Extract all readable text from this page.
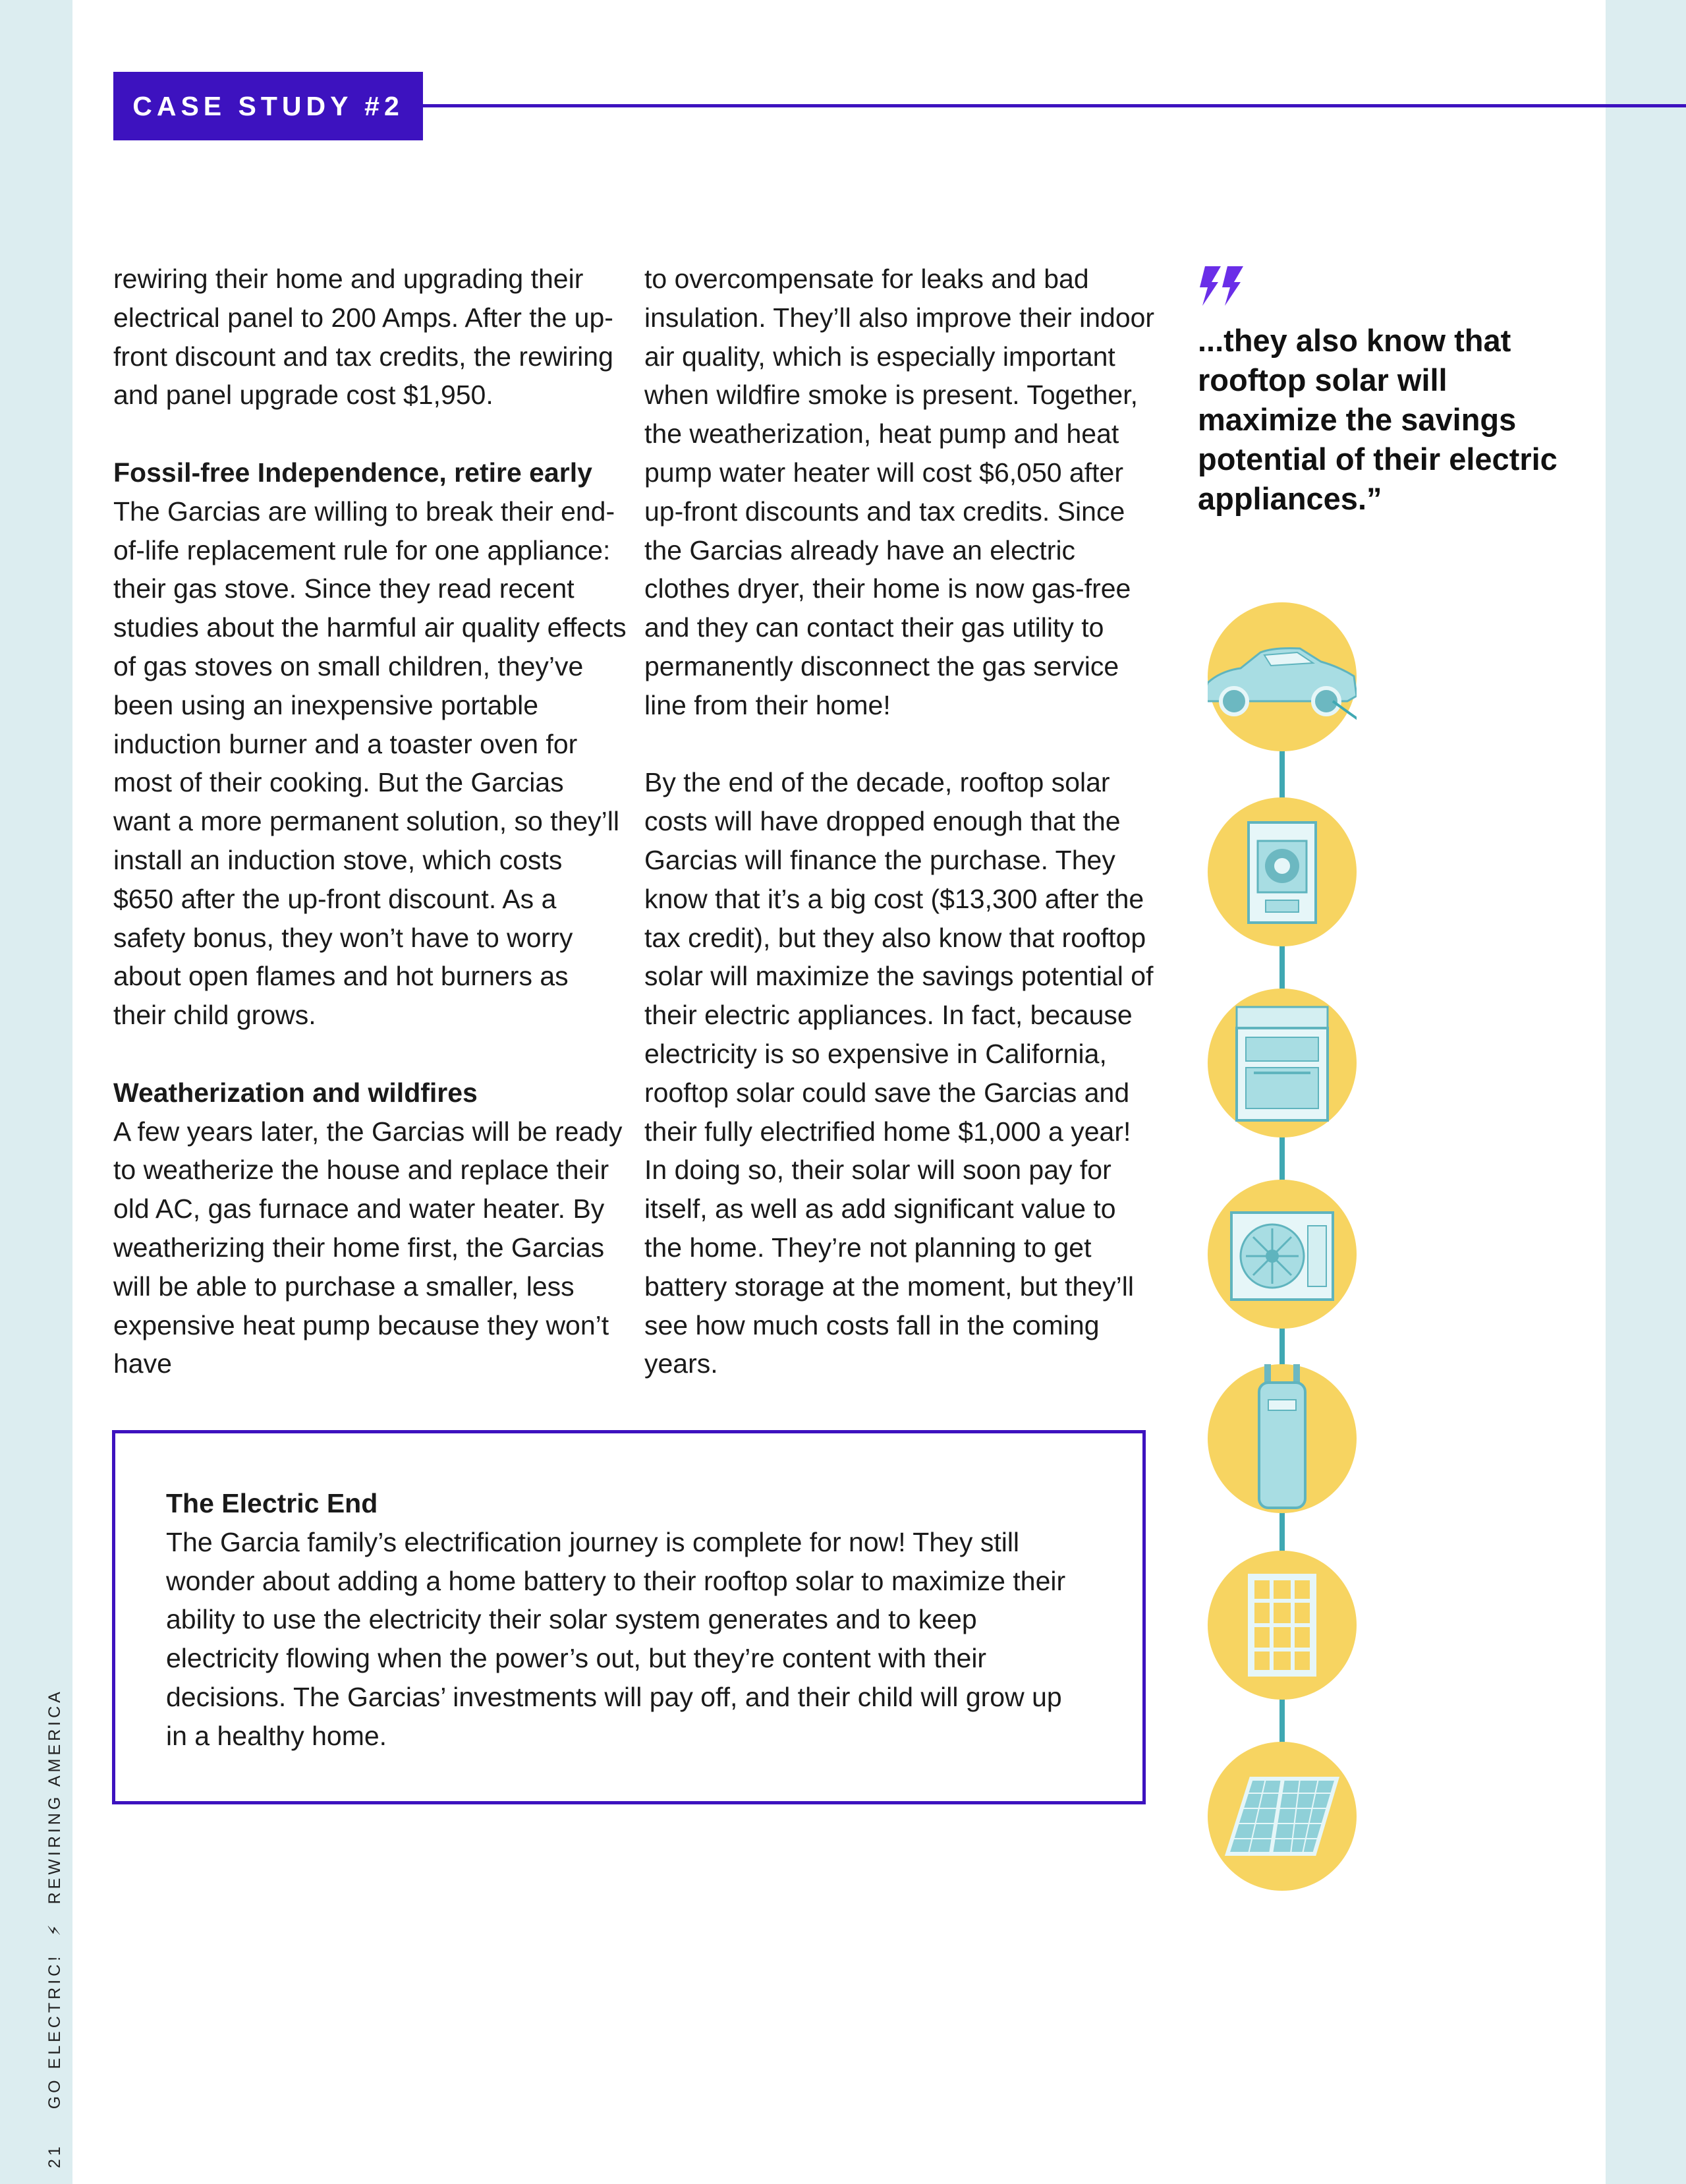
CASE STUDY #2

rewiring their home and upgrading their electrical panel to 200 Amps. After the up-front discount and tax credits, the rewiring and panel upgrade cost $1,950.

Fossil-free Independence, retire early

The Garcias are willing to break their end-of-life replacement rule for one appliance: their gas stove. Since they read recent studies about the harmful air quality effects of gas stoves on small children, they’ve been using an inexpensive portable induction burner and a toaster oven for most of their cooking. But the Garcias want a more permanent solution, so they’ll install an induction stove, which costs $650 after the up-front discount. As a safety bonus, they won’t have to worry about open flames and hot burners as their child grows.

Weatherization and wildfires

A few years later, the Garcias will be ready to weatherize the house and replace their old AC, gas furnace and water heater. By weatherizing their home first, the Garcias will be able to purchase a smaller, less expensive heat pump because they won’t have

to overcompensate for leaks and bad insulation. They’ll also improve their indoor air quality, which is especially important when wildfire smoke is present. Together, the weatherization, heat pump and heat pump water heater will cost $6,050 after up-front discounts and tax credits. Since the Garcias already have an electric clothes dryer, their home is now gas-free and they can contact their gas utility to permanently disconnect the gas service line from their home!

By the end of the decade, rooftop solar costs will have dropped enough that the Garcias will finance the purchase. They know that it’s a big cost ($13,300 after the tax credit), but they also know that rooftop solar will maximize the savings potential of their electric appliances. In fact, because electricity is so expensive in California, rooftop solar could save the Garcias and their fully electrified home $1,000 a year! In doing so, their solar will soon pay for itself, as well as add significant value to the home. They’re not planning to get battery storage at the moment, but they’ll see how much costs fall in the coming years.

...they also know that rooftop solar will maximize the savings potential of their electric appliances.”
The Electric End
The Garcia family’s electrification journey is complete for now! They still wonder about adding a home battery to their rooftop solar to maximize their ability to use the electricity their solar system generates and to keep electricity flowing when the power’s out, but they’re content with their decisions. The Garcias’ investments will pay off, and their child will grow up in a healthy home.
21  GO ELECTRIC! ⚡ REWIRING AMERICA
